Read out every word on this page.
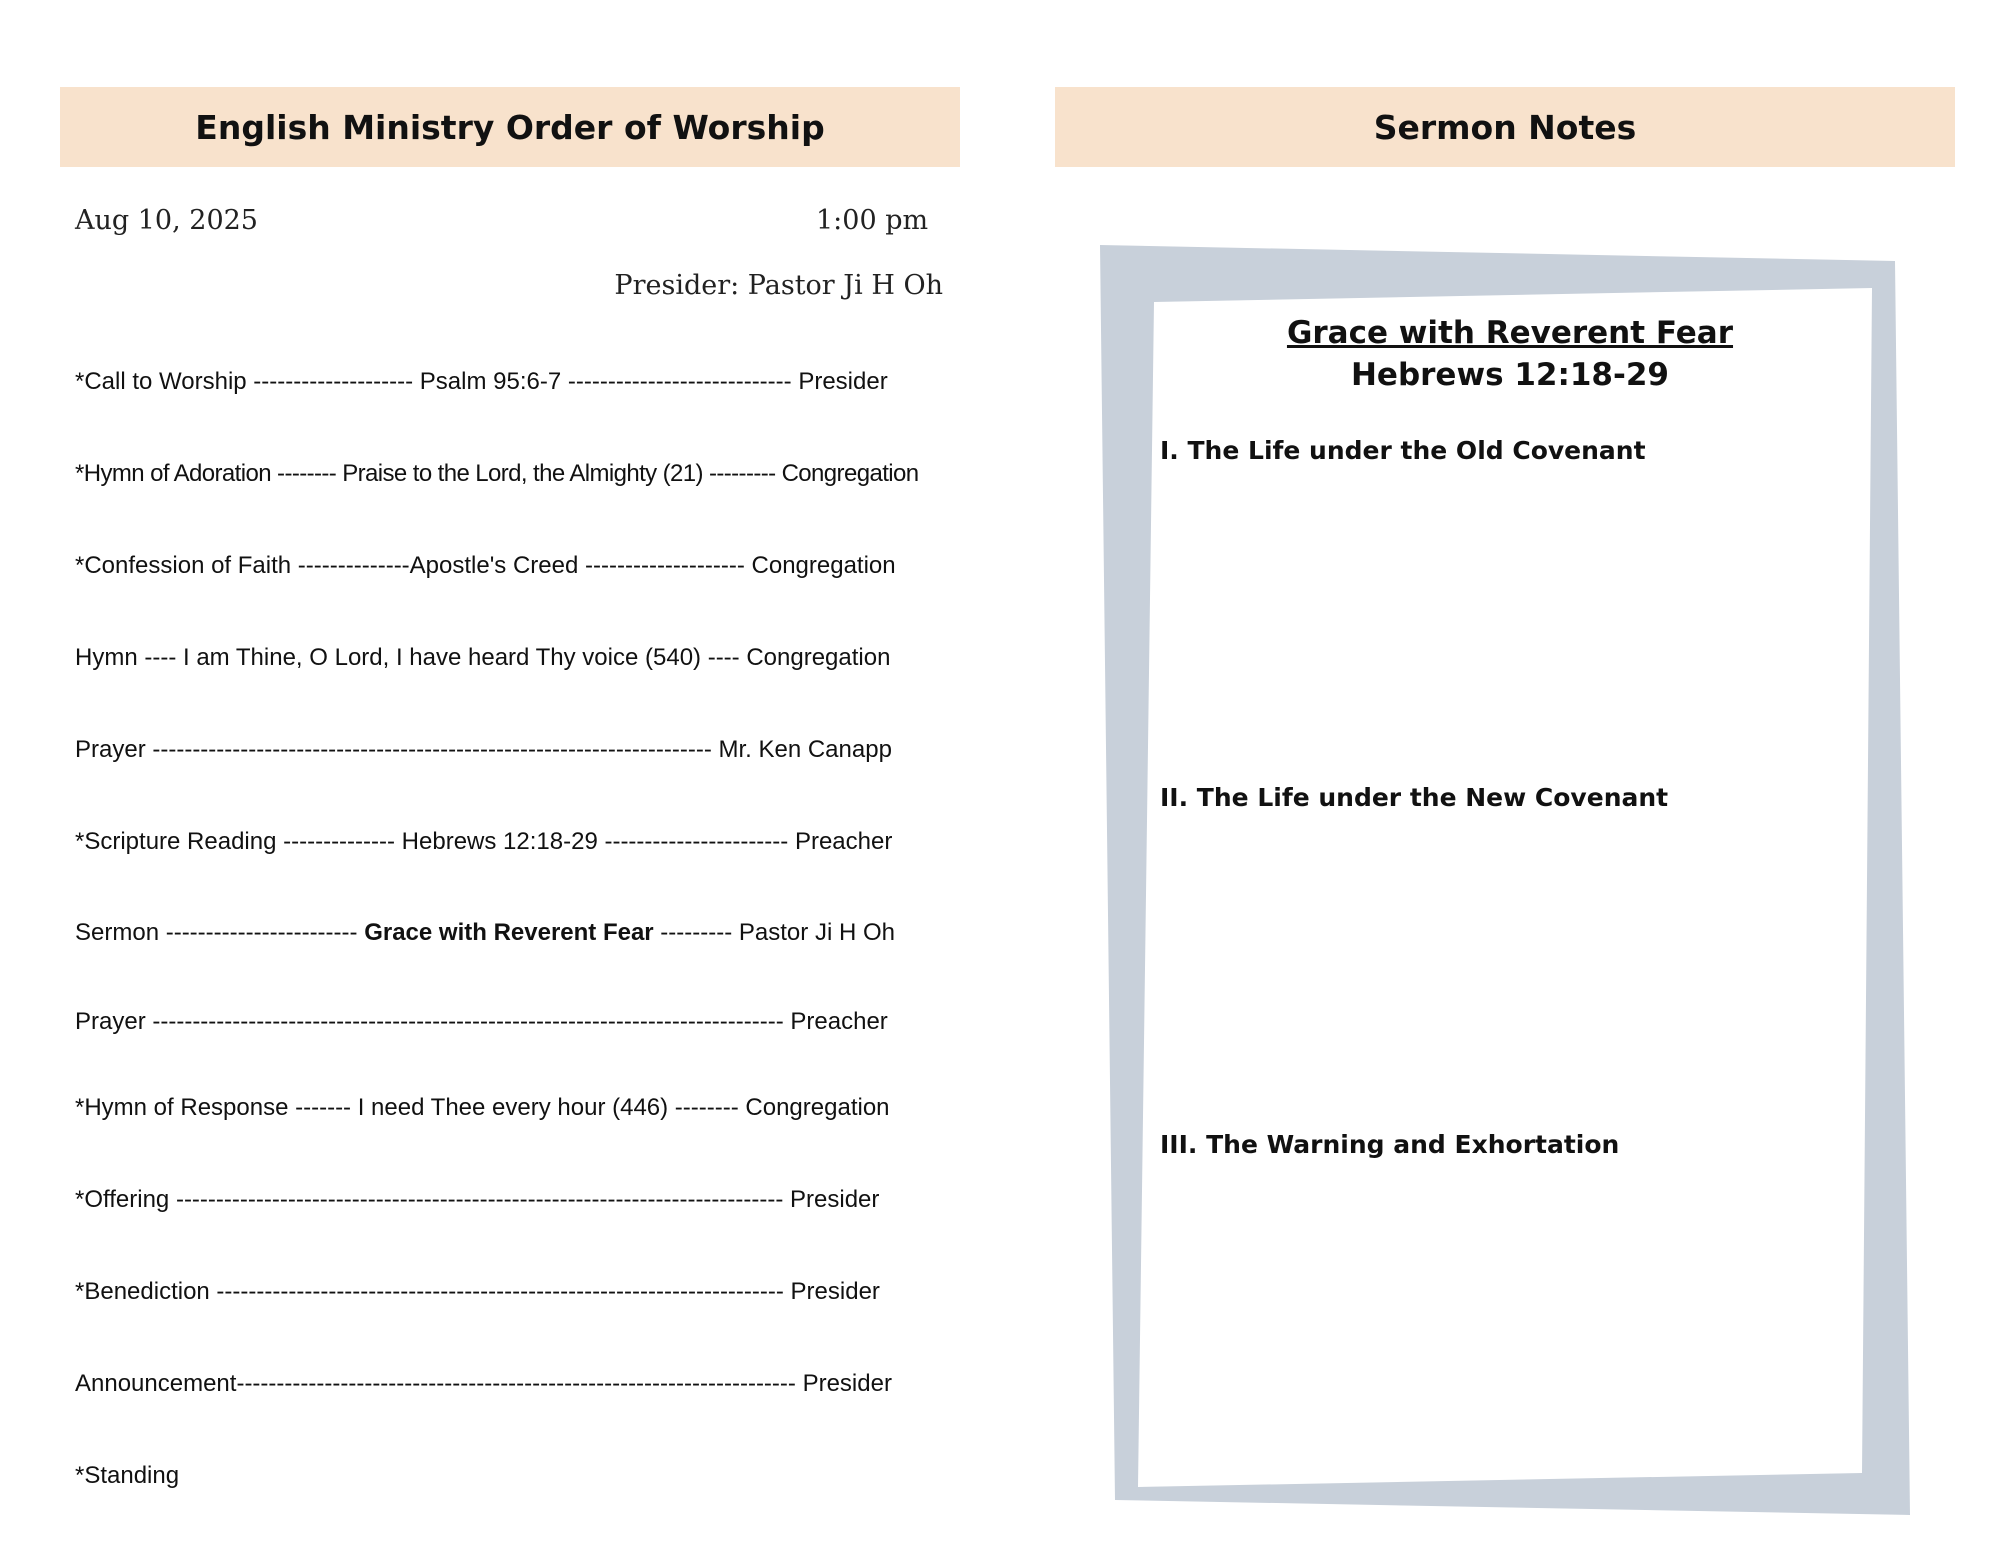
English Ministry Order of Worship	Sermon Notes
Aug 10, 2025	1:00 pm
Presider: Pastor Ji H Oh
*Call to Worship -------------------- Psalm 95:6-7 ---------------------------- Presider
*Hymn of Adoration -------- Praise to the Lord, the Almighty (21) --------- Congregation
*Confession of Faith --------------Apostle's Creed -------------------- Congregation
Hymn ---- I am Thine, O Lord, I have heard Thy voice (540) ---- Congregation
Prayer ---------------------------------------------------------------------- Mr. Ken Canapp
*Scripture Reading -------------- Hebrews 12:18-29 ----------------------- Preacher
Sermon ------------------------ Grace with Reverent Fear --------- Pastor Ji H Oh
Prayer ------------------------------------------------------------------------------- Preacher
*Hymn of Response ------- I need Thee every hour (446) -------- Congregation
*Offering ---------------------------------------------------------------------------- Presider
*Benediction ----------------------------------------------------------------------- Presider
Announcement---------------------------------------------------------------------- Presider
*Standing
Grace with Reverent Fear
Hebrews 12:18-29
I. The Life under the Old Covenant
II. The Life under the New Covenant
III. The Warning and Exhortation
